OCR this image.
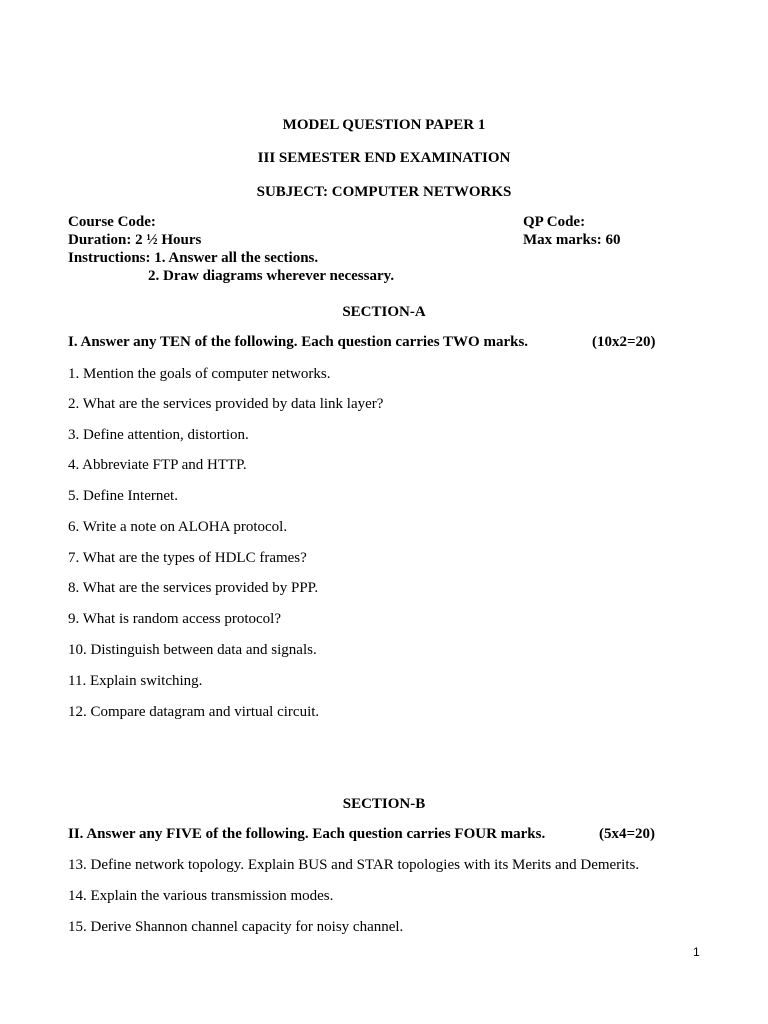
MODEL QUESTION PAPER 1
III SEMESTER END EXAMINATION
SUBJECT: COMPUTER NETWORKS
Course Code:	QP Code:
Duration: 2 ½ Hours	Max marks: 60
Instructions: 1. Answer all the sections.
2. Draw diagrams wherever necessary.
SECTION-A
I. Answer any TEN of the following. Each question carries TWO marks.	(10x2=20)
1. Mention the goals of computer networks.
2. What are the services provided by data link layer?
3. Define attention, distortion.
4. Abbreviate FTP and HTTP.
5. Define Internet.
6. Write a note on ALOHA protocol.
7. What are the types of HDLC frames?
8. What are the services provided by PPP.
9. What is random access protocol?
10. Distinguish between data and signals.
11. Explain switching.
12. Compare datagram and virtual circuit.
SECTION-B
II. Answer any FIVE of the following. Each question carries FOUR marks.	(5x4=20)
13. Define network topology. Explain BUS and STAR topologies with its Merits and Demerits.
14. Explain the various transmission modes.
15. Derive Shannon channel capacity for noisy channel.
1
